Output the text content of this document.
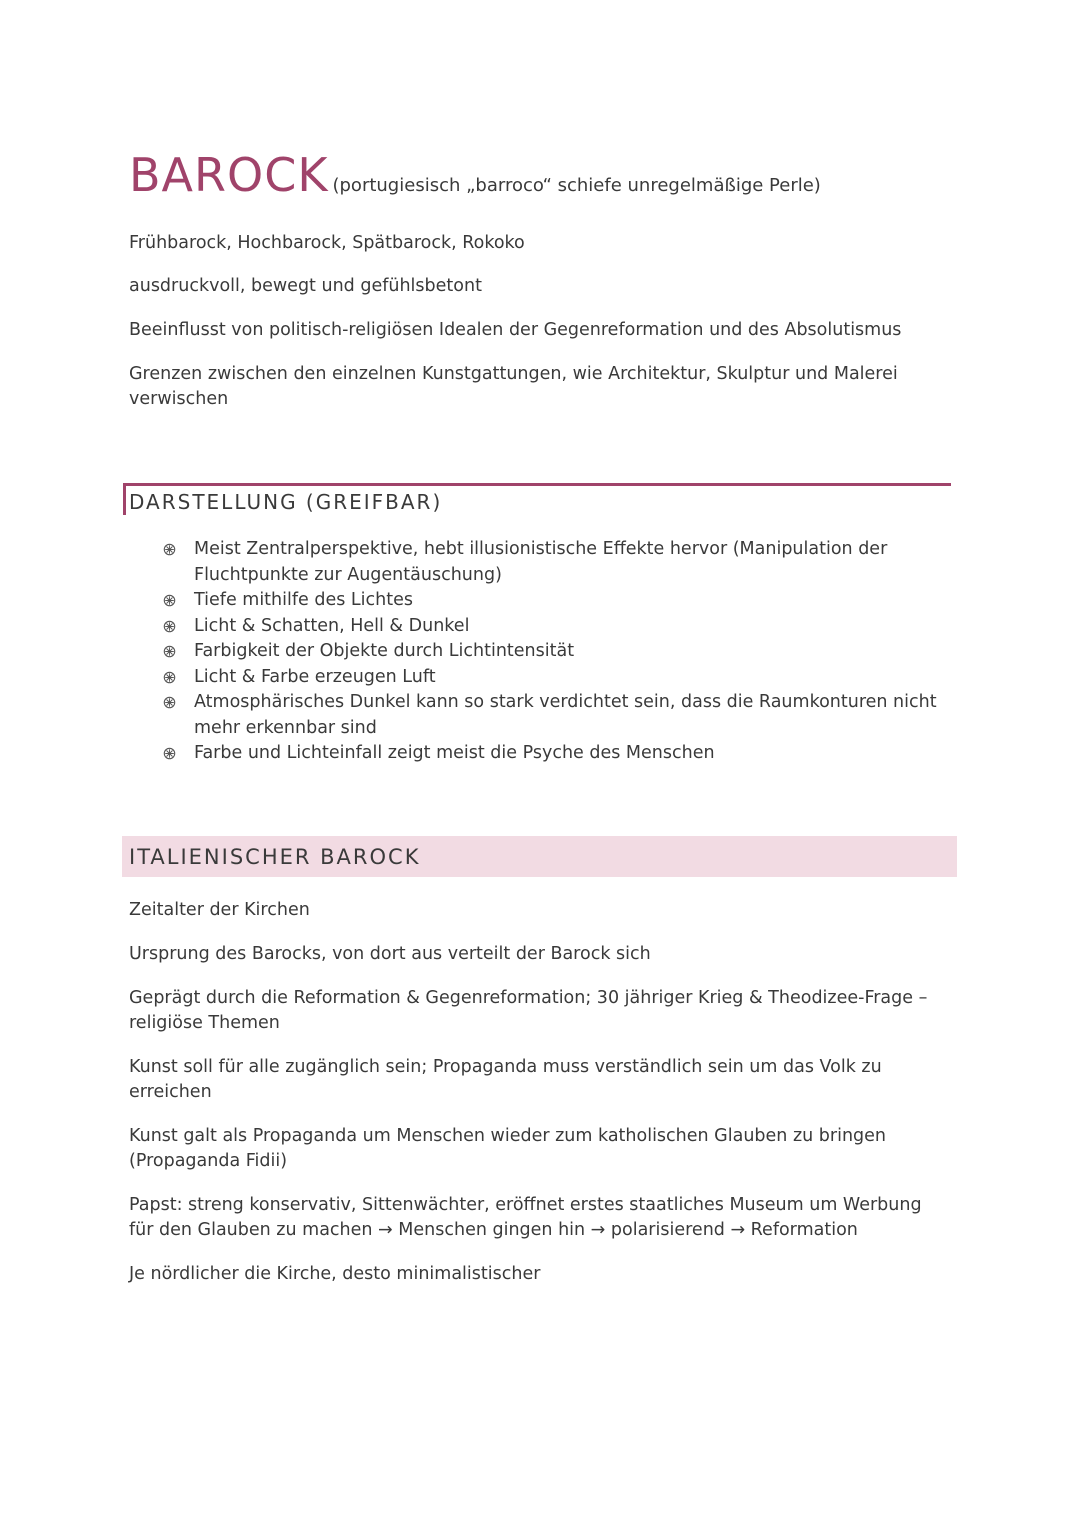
BAROCK (portugiesisch „barroco“ schiefe unregelmäßige Perle)

Frühbarock, Hochbarock, Spätbarock, Rokoko

ausdruckvoll, bewegt und gefühlsbetont

Beeinflusst von politisch-religiösen Idealen der Gegenreformation und des Absolutismus

Grenzen zwischen den einzelnen Kunstgattungen, wie Architektur, Skulptur und Malerei verwischen

DARSTELLUNG (GREIFBAR)
Meist Zentralperspektive, hebt illusionistische Effekte hervor (Manipulation der Fluchtpunkte zur Augentäuschung)
Tiefe mithilfe des Lichtes
Licht & Schatten, Hell & Dunkel
Farbigkeit der Objekte durch Lichtintensität
Licht & Farbe erzeugen Luft
Atmosphärisches Dunkel kann so stark verdichtet sein, dass die Raumkonturen nicht mehr erkennbar sind
Farbe und Lichteinfall zeigt meist die Psyche des Menschen
ITALIENISCHER BAROCK

Zeitalter der Kirchen

Ursprung des Barocks, von dort aus verteilt der Barock sich

Geprägt durch die Reformation & Gegenreformation; 30 jähriger Krieg & Theodizee-Frage – religiöse Themen

Kunst soll für alle zugänglich sein; Propaganda muss verständlich sein um das Volk zu erreichen

Kunst galt als Propaganda um Menschen wieder zum katholischen Glauben zu bringen (Propaganda Fidii)

Papst: streng konservativ, Sittenwächter, eröffnet erstes staatliches Museum um Werbung für den Glauben zu machen → Menschen gingen hin → polarisierend → Reformation

Je nördlicher die Kirche, desto minimalistischer
